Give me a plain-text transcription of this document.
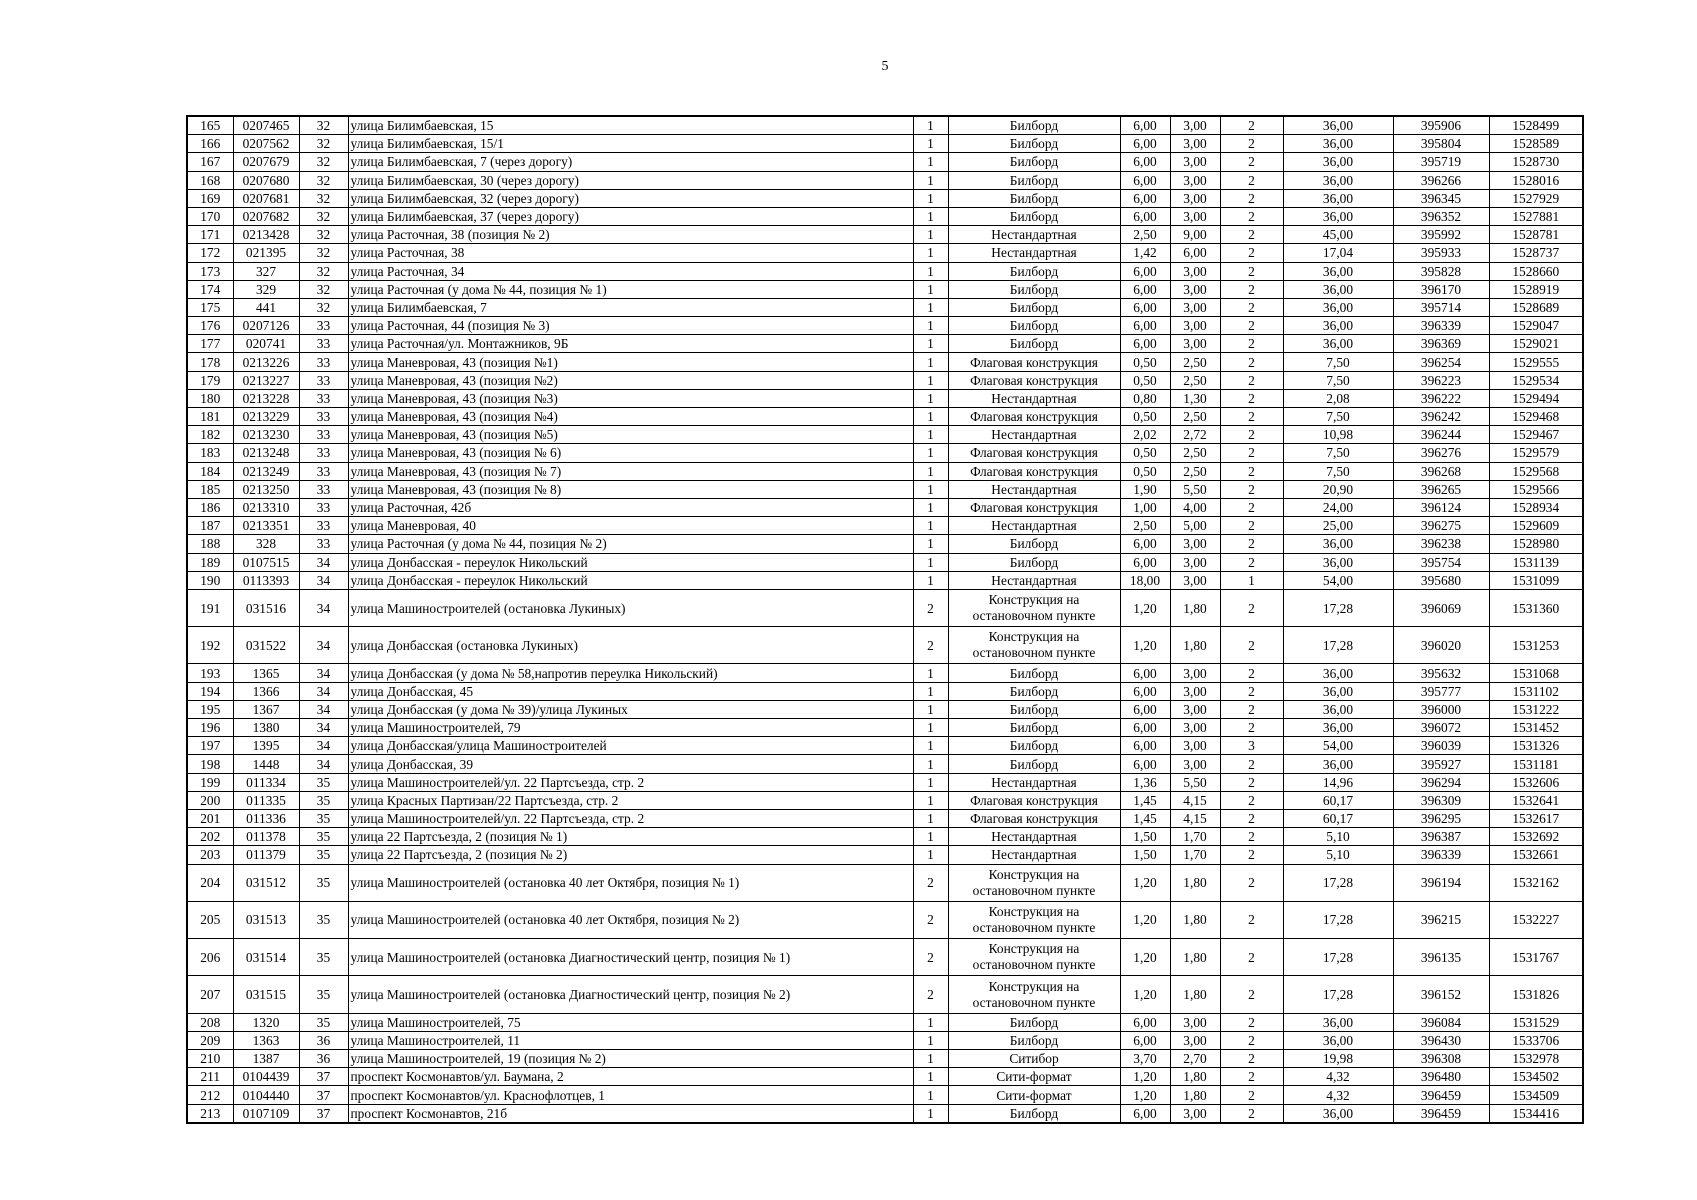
5
165	0207465	32	улица Билимбаевская, 15	1	Билборд	6,00	3,00	2	36,00	395906	1528499
166	0207562	32	улица Билимбаевская, 15/1	1	Билборд	6,00	3,00	2	36,00	395804	1528589
167	0207679	32	улица Билимбаевская, 7 (через дорогу)	1	Билборд	6,00	3,00	2	36,00	395719	1528730
168	0207680	32	улица Билимбаевская, 30 (через дорогу)	1	Билборд	6,00	3,00	2	36,00	396266	1528016
169	0207681	32	улица Билимбаевская, 32 (через дорогу)	1	Билборд	6,00	3,00	2	36,00	396345	1527929
170	0207682	32	улица Билимбаевская, 37 (через дорогу)	1	Билборд	6,00	3,00	2	36,00	396352	1527881
171	0213428	32	улица Расточная, 38 (позиция № 2)	1	Нестандартная	2,50	9,00	2	45,00	395992	1528781
172	021395	32	улица Расточная, 38	1	Нестандартная	1,42	6,00	2	17,04	395933	1528737
173	327	32	улица Расточная, 34	1	Билборд	6,00	3,00	2	36,00	395828	1528660
174	329	32	улица Расточная (у дома № 44, позиция № 1)	1	Билборд	6,00	3,00	2	36,00	396170	1528919
175	441	32	улица Билимбаевская, 7	1	Билборд	6,00	3,00	2	36,00	395714	1528689
176	0207126	33	улица Расточная, 44 (позиция № 3)	1	Билборд	6,00	3,00	2	36,00	396339	1529047
177	020741	33	улица Расточная/ул. Монтажников, 9Б	1	Билборд	6,00	3,00	2	36,00	396369	1529021
178	0213226	33	улица Маневровая, 43 (позиция №1)	1	Флаговая конструкция	0,50	2,50	2	7,50	396254	1529555
179	0213227	33	улица Маневровая, 43 (позиция №2)	1	Флаговая конструкция	0,50	2,50	2	7,50	396223	1529534
180	0213228	33	улица Маневровая, 43 (позиция №3)	1	Нестандартная	0,80	1,30	2	2,08	396222	1529494
181	0213229	33	улица Маневровая, 43 (позиция №4)	1	Флаговая конструкция	0,50	2,50	2	7,50	396242	1529468
182	0213230	33	улица Маневровая, 43 (позиция №5)	1	Нестандартная	2,02	2,72	2	10,98	396244	1529467
183	0213248	33	улица Маневровая, 43 (позиция № 6)	1	Флаговая конструкция	0,50	2,50	2	7,50	396276	1529579
184	0213249	33	улица Маневровая, 43 (позиция № 7)	1	Флаговая конструкция	0,50	2,50	2	7,50	396268	1529568
185	0213250	33	улица Маневровая, 43 (позиция № 8)	1	Нестандартная	1,90	5,50	2	20,90	396265	1529566
186	0213310	33	улица Расточная, 42б	1	Флаговая конструкция	1,00	4,00	2	24,00	396124	1528934
187	0213351	33	улица Маневровая, 40	1	Нестандартная	2,50	5,00	2	25,00	396275	1529609
188	328	33	улица Расточная (у дома № 44, позиция № 2)	1	Билборд	6,00	3,00	2	36,00	396238	1528980
189	0107515	34	улица Донбасская - переулок Никольский	1	Билборд	6,00	3,00	2	36,00	395754	1531139
190	0113393	34	улица Донбасская - переулок Никольский	1	Нестандартная	18,00	3,00	1	54,00	395680	1531099
191	031516	34	улица Машиностроителей (остановка Лукиных)	2	Конструкция на остановочном пункте	1,20	1,80	2	17,28	396069	1531360
192	031522	34	улица Донбасская (остановка Лукиных)	2	Конструкция на остановочном пункте	1,20	1,80	2	17,28	396020	1531253
193	1365	34	улица Донбасская (у дома № 58,напротив переулка Никольский)	1	Билборд	6,00	3,00	2	36,00	395632	1531068
194	1366	34	улица Донбасская, 45	1	Билборд	6,00	3,00	2	36,00	395777	1531102
195	1367	34	улица Донбасская (у дома № 39)/улица Лукиных	1	Билборд	6,00	3,00	2	36,00	396000	1531222
196	1380	34	улица Машиностроителей, 79	1	Билборд	6,00	3,00	2	36,00	396072	1531452
197	1395	34	улица Донбасская/улица Машиностроителей	1	Билборд	6,00	3,00	3	54,00	396039	1531326
198	1448	34	улица Донбасская, 39	1	Билборд	6,00	3,00	2	36,00	395927	1531181
199	011334	35	улица Машиностроителей/ул. 22 Партсъезда, стр. 2	1	Нестандартная	1,36	5,50	2	14,96	396294	1532606
200	011335	35	улица Красных Партизан/22 Партсъезда, стр. 2	1	Флаговая конструкция	1,45	4,15	2	60,17	396309	1532641
201	011336	35	улица Машиностроителей/ул. 22 Партсъезда, стр. 2	1	Флаговая конструкция	1,45	4,15	2	60,17	396295	1532617
202	011378	35	улица 22 Партсъезда, 2 (позиция № 1)	1	Нестандартная	1,50	1,70	2	5,10	396387	1532692
203	011379	35	улица 22 Партсъезда, 2 (позиция № 2)	1	Нестандартная	1,50	1,70	2	5,10	396339	1532661
204	031512	35	улица Машиностроителей (остановка 40 лет Октября, позиция № 1)	2	Конструкция на остановочном пункте	1,20	1,80	2	17,28	396194	1532162
205	031513	35	улица Машиностроителей (остановка 40 лет Октября, позиция № 2)	2	Конструкция на остановочном пункте	1,20	1,80	2	17,28	396215	1532227
206	031514	35	улица Машиностроителей (остановка Диагностический центр, позиция № 1)	2	Конструкция на остановочном пункте	1,20	1,80	2	17,28	396135	1531767
207	031515	35	улица Машиностроителей (остановка Диагностический центр, позиция № 2)	2	Конструкция на остановочном пункте	1,20	1,80	2	17,28	396152	1531826
208	1320	35	улица Машиностроителей, 75	1	Билборд	6,00	3,00	2	36,00	396084	1531529
209	1363	36	улица Машиностроителей, 11	1	Билборд	6,00	3,00	2	36,00	396430	1533706
210	1387	36	улица Машиностроителей, 19 (позиция № 2)	1	Ситибор	3,70	2,70	2	19,98	396308	1532978
211	0104439	37	проспект Космонавтов/ул. Баумана, 2	1	Сити-формат	1,20	1,80	2	4,32	396480	1534502
212	0104440	37	проспект Космонавтов/ул. Краснофлотцев, 1	1	Сити-формат	1,20	1,80	2	4,32	396459	1534509
213	0107109	37	проспект Космонавтов, 21б	1	Билборд	6,00	3,00	2	36,00	396459	1534416
